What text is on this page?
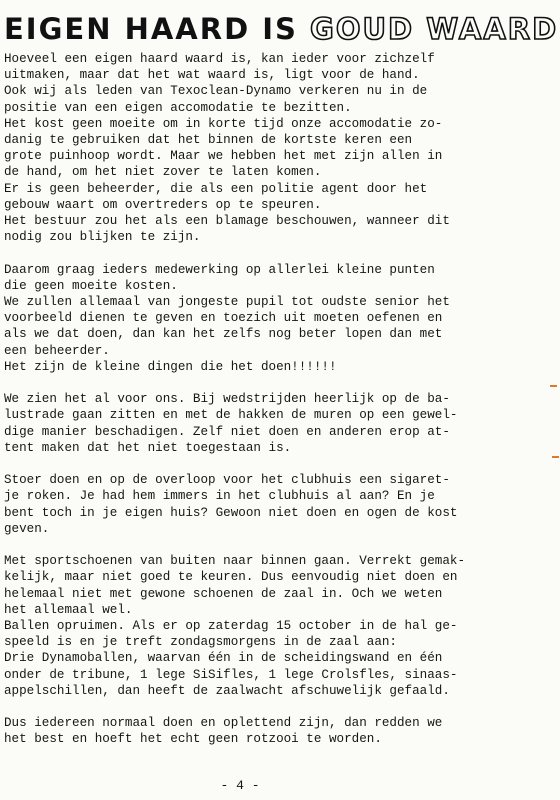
EIGEN HAARD IS GOUD WAARD
Hoeveel een eigen haard waard is, kan ieder voor zichzelf
uitmaken, maar dat het wat waard is, ligt voor de hand.
Ook wij als leden van Texoclean-Dynamo verkeren nu in de
positie van een eigen accomodatie te bezitten.
Het kost geen moeite om in korte tijd onze accomodatie zo-
danig te gebruiken dat het binnen de kortste keren een
grote puinhoop wordt. Maar we hebben het met zijn allen in
de hand, om het niet zover te laten komen.
Er is geen beheerder, die als een politie agent door het
gebouw waart om overtreders op te speuren.
Het bestuur zou het als een blamage beschouwen, wanneer dit
nodig zou blijken te zijn.
Daarom graag ieders medewerking op allerlei kleine punten
die geen moeite kosten.
We zullen allemaal van jongeste pupil tot oudste senior het
voorbeeld dienen te geven en toezich uit moeten oefenen en
als we dat doen, dan kan het zelfs nog beter lopen dan met
een beheerder.
Het zijn de kleine dingen die het doen!!!!!!
We zien het al voor ons. Bij wedstrijden heerlijk op de ba-
lustrade gaan zitten en met de hakken de muren op een gewel-
dige manier beschadigen. Zelf niet doen en anderen erop at-
tent maken dat het niet toegestaan is.
Stoer doen en op de overloop voor het clubhuis een sigaret-
je roken. Je had hem immers in het clubhuis al aan? En je
bent toch in je eigen huis? Gewoon niet doen en ogen de kost
geven.
Met sportschoenen van buiten naar binnen gaan. Verrekt gemak-
kelijk, maar niet goed te keuren. Dus eenvoudig niet doen en
helemaal niet met gewone schoenen de zaal in. Och we weten
het allemaal wel.
Ballen opruimen. Als er op zaterdag 15 october in de hal ge-
speeld is en je treft zondagsmorgens in de zaal aan:
Drie Dynamoballen, waarvan één in de scheidingswand en één
onder de tribune, 1 lege SiSifles, 1 lege Crolsfles, sinaas-
appelschillen, dan heeft de zaalwacht afschuwelijk gefaald.
Dus iedereen normaal doen en oplettend zijn, dan redden we
het best en hoeft het echt geen rotzooi te worden.
- 4 -
